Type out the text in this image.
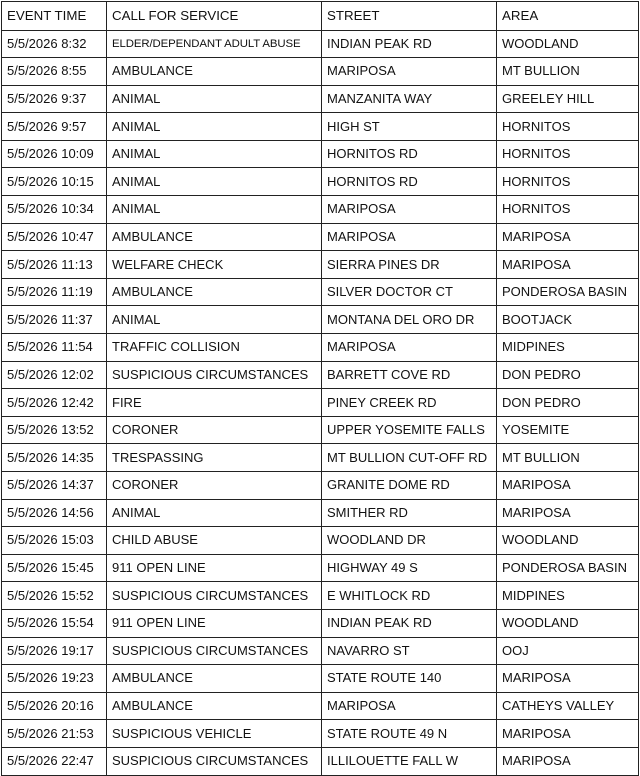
EVENT TIME	CALL FOR SERVICE	STREET	AREA
5/5/2026 8:32	ELDER/DEPENDANT ADULT ABUSE	INDIAN PEAK RD	WOODLAND
5/5/2026 8:55	AMBULANCE	MARIPOSA	MT BULLION
5/5/2026 9:37	ANIMAL	MANZANITA WAY	GREELEY HILL
5/5/2026 9:57	ANIMAL	HIGH ST	HORNITOS
5/5/2026 10:09	ANIMAL	HORNITOS RD	HORNITOS
5/5/2026 10:15	ANIMAL	HORNITOS RD	HORNITOS
5/5/2026 10:34	ANIMAL	MARIPOSA	HORNITOS
5/5/2026 10:47	AMBULANCE	MARIPOSA	MARIPOSA
5/5/2026 11:13	WELFARE CHECK	SIERRA PINES DR	MARIPOSA
5/5/2026 11:19	AMBULANCE	SILVER DOCTOR CT	PONDEROSA BASIN
5/5/2026 11:37	ANIMAL	MONTANA DEL ORO DR	BOOTJACK
5/5/2026 11:54	TRAFFIC COLLISION	MARIPOSA	MIDPINES
5/5/2026 12:02	SUSPICIOUS CIRCUMSTANCES	BARRETT COVE RD	DON PEDRO
5/5/2026 12:42	FIRE	PINEY CREEK RD	DON PEDRO
5/5/2026 13:52	CORONER	UPPER YOSEMITE FALLS	YOSEMITE
5/5/2026 14:35	TRESPASSING	MT BULLION CUT-OFF RD	MT BULLION
5/5/2026 14:37	CORONER	GRANITE DOME RD	MARIPOSA
5/5/2026 14:56	ANIMAL	SMITHER RD	MARIPOSA
5/5/2026 15:03	CHILD ABUSE	WOODLAND DR	WOODLAND
5/5/2026 15:45	911 OPEN LINE	HIGHWAY 49 S	PONDEROSA BASIN
5/5/2026 15:52	SUSPICIOUS CIRCUMSTANCES	E WHITLOCK RD	MIDPINES
5/5/2026 15:54	911 OPEN LINE	INDIAN PEAK RD	WOODLAND
5/5/2026 19:17	SUSPICIOUS CIRCUMSTANCES	NAVARRO ST	OOJ
5/5/2026 19:23	AMBULANCE	STATE ROUTE 140	MARIPOSA
5/5/2026 20:16	AMBULANCE	MARIPOSA	CATHEYS VALLEY
5/5/2026 21:53	SUSPICIOUS VEHICLE	STATE ROUTE 49 N	MARIPOSA
5/5/2026 22:47	SUSPICIOUS CIRCUMSTANCES	ILLILOUETTE FALL W	MARIPOSA
